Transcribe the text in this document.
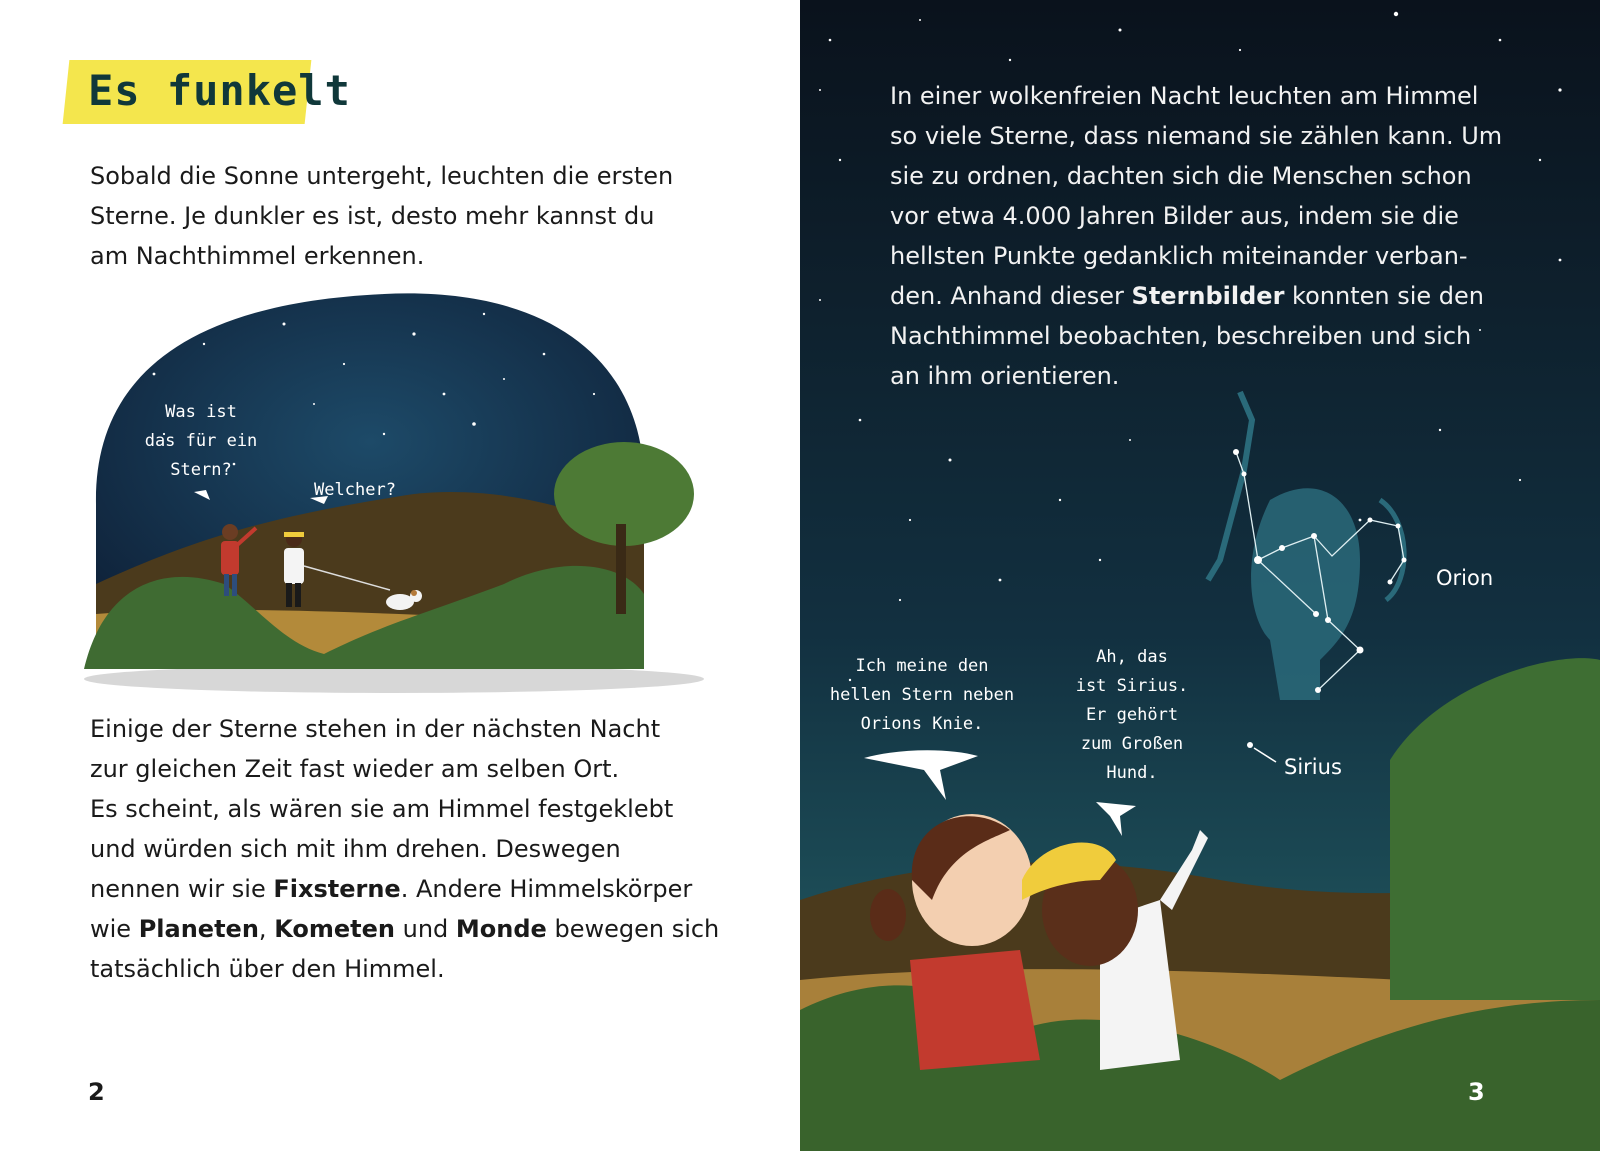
Es funkelt
Sobald die Sonne untergeht, leuchten die ersten
Sterne. Je dunkler es ist, desto mehr kannst du
am Nachthimmel erkennen.
Was ist
das für ein
Stern?
Welcher?
Einige der Sterne stehen in der nächsten Nacht
zur gleichen Zeit fast wieder am selben Ort.
Es scheint, als wären sie am Himmel festgeklebt
und würden sich mit ihm drehen. Deswegen
nennen wir sie Fixsterne. Andere Himmelskörper
wie Planeten, Kometen und Monde bewegen sich
tatsächlich über den Himmel.
2
Ich meine den
hellen Stern neben
Orions Knie.
Ah, das
ist Sirius.
Er gehört
zum Großen
Hund.
Orion
Sirius
3
In einer wolkenfreien Nacht leuchten am Himmel
so viele Sterne, dass niemand sie zählen kann. Um
sie zu ordnen, dachten sich die Menschen schon
vor etwa 4.000 Jahren Bilder aus, indem sie die
hellsten Punkte gedanklich miteinander verban-
den. Anhand dieser Sternbilder konnten sie den
Nachthimmel beobachten, beschreiben und sich
an ihm orientieren.
